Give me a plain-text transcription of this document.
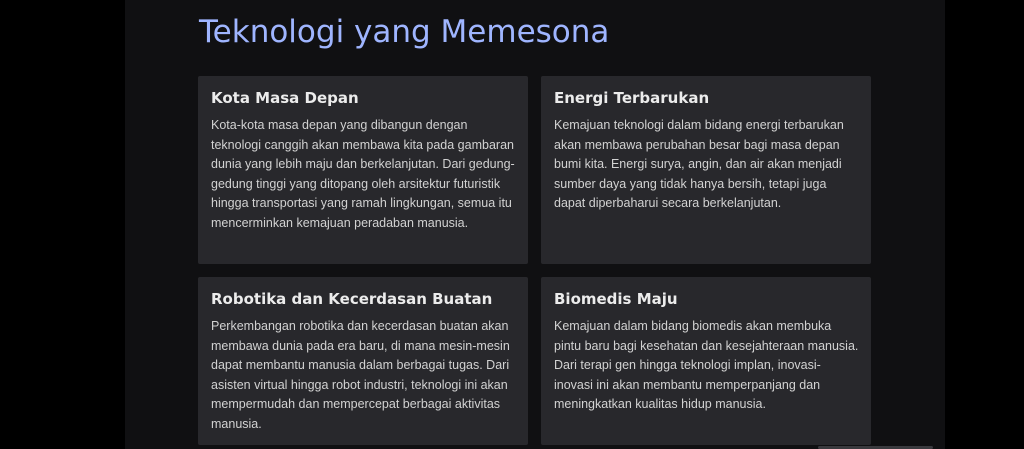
Teknologi yang Memesona
Kota Masa Depan

Kota-kota masa depan yang dibangun dengan teknologi canggih akan membawa kita pada gambaran dunia yang lebih maju dan berkelanjutan. Dari gedung-gedung tinggi yang ditopang oleh arsitektur futuristik hingga transportasi yang ramah lingkungan, semua itu mencerminkan kemajuan peradaban manusia.

Energi Terbarukan

Kemajuan teknologi dalam bidang energi terbarukan akan membawa perubahan besar bagi masa depan bumi kita. Energi surya, angin, dan air akan menjadi sumber daya yang tidak hanya bersih, tetapi juga dapat diperbaharui secara berkelanjutan.

Robotika dan Kecerdasan Buatan

Perkembangan robotika dan kecerdasan buatan akan membawa dunia pada era baru, di mana mesin-mesin dapat membantu manusia dalam berbagai tugas. Dari asisten virtual hingga robot industri, teknologi ini akan mempermudah dan mempercepat berbagai aktivitas manusia.

Biomedis Maju

Kemajuan dalam bidang biomedis akan membuka pintu baru bagi kesehatan dan kesejahteraan manusia. Dari terapi gen hingga teknologi implan, inovasi-inovasi ini akan membantu memperpanjang dan meningkatkan kualitas hidup manusia.
